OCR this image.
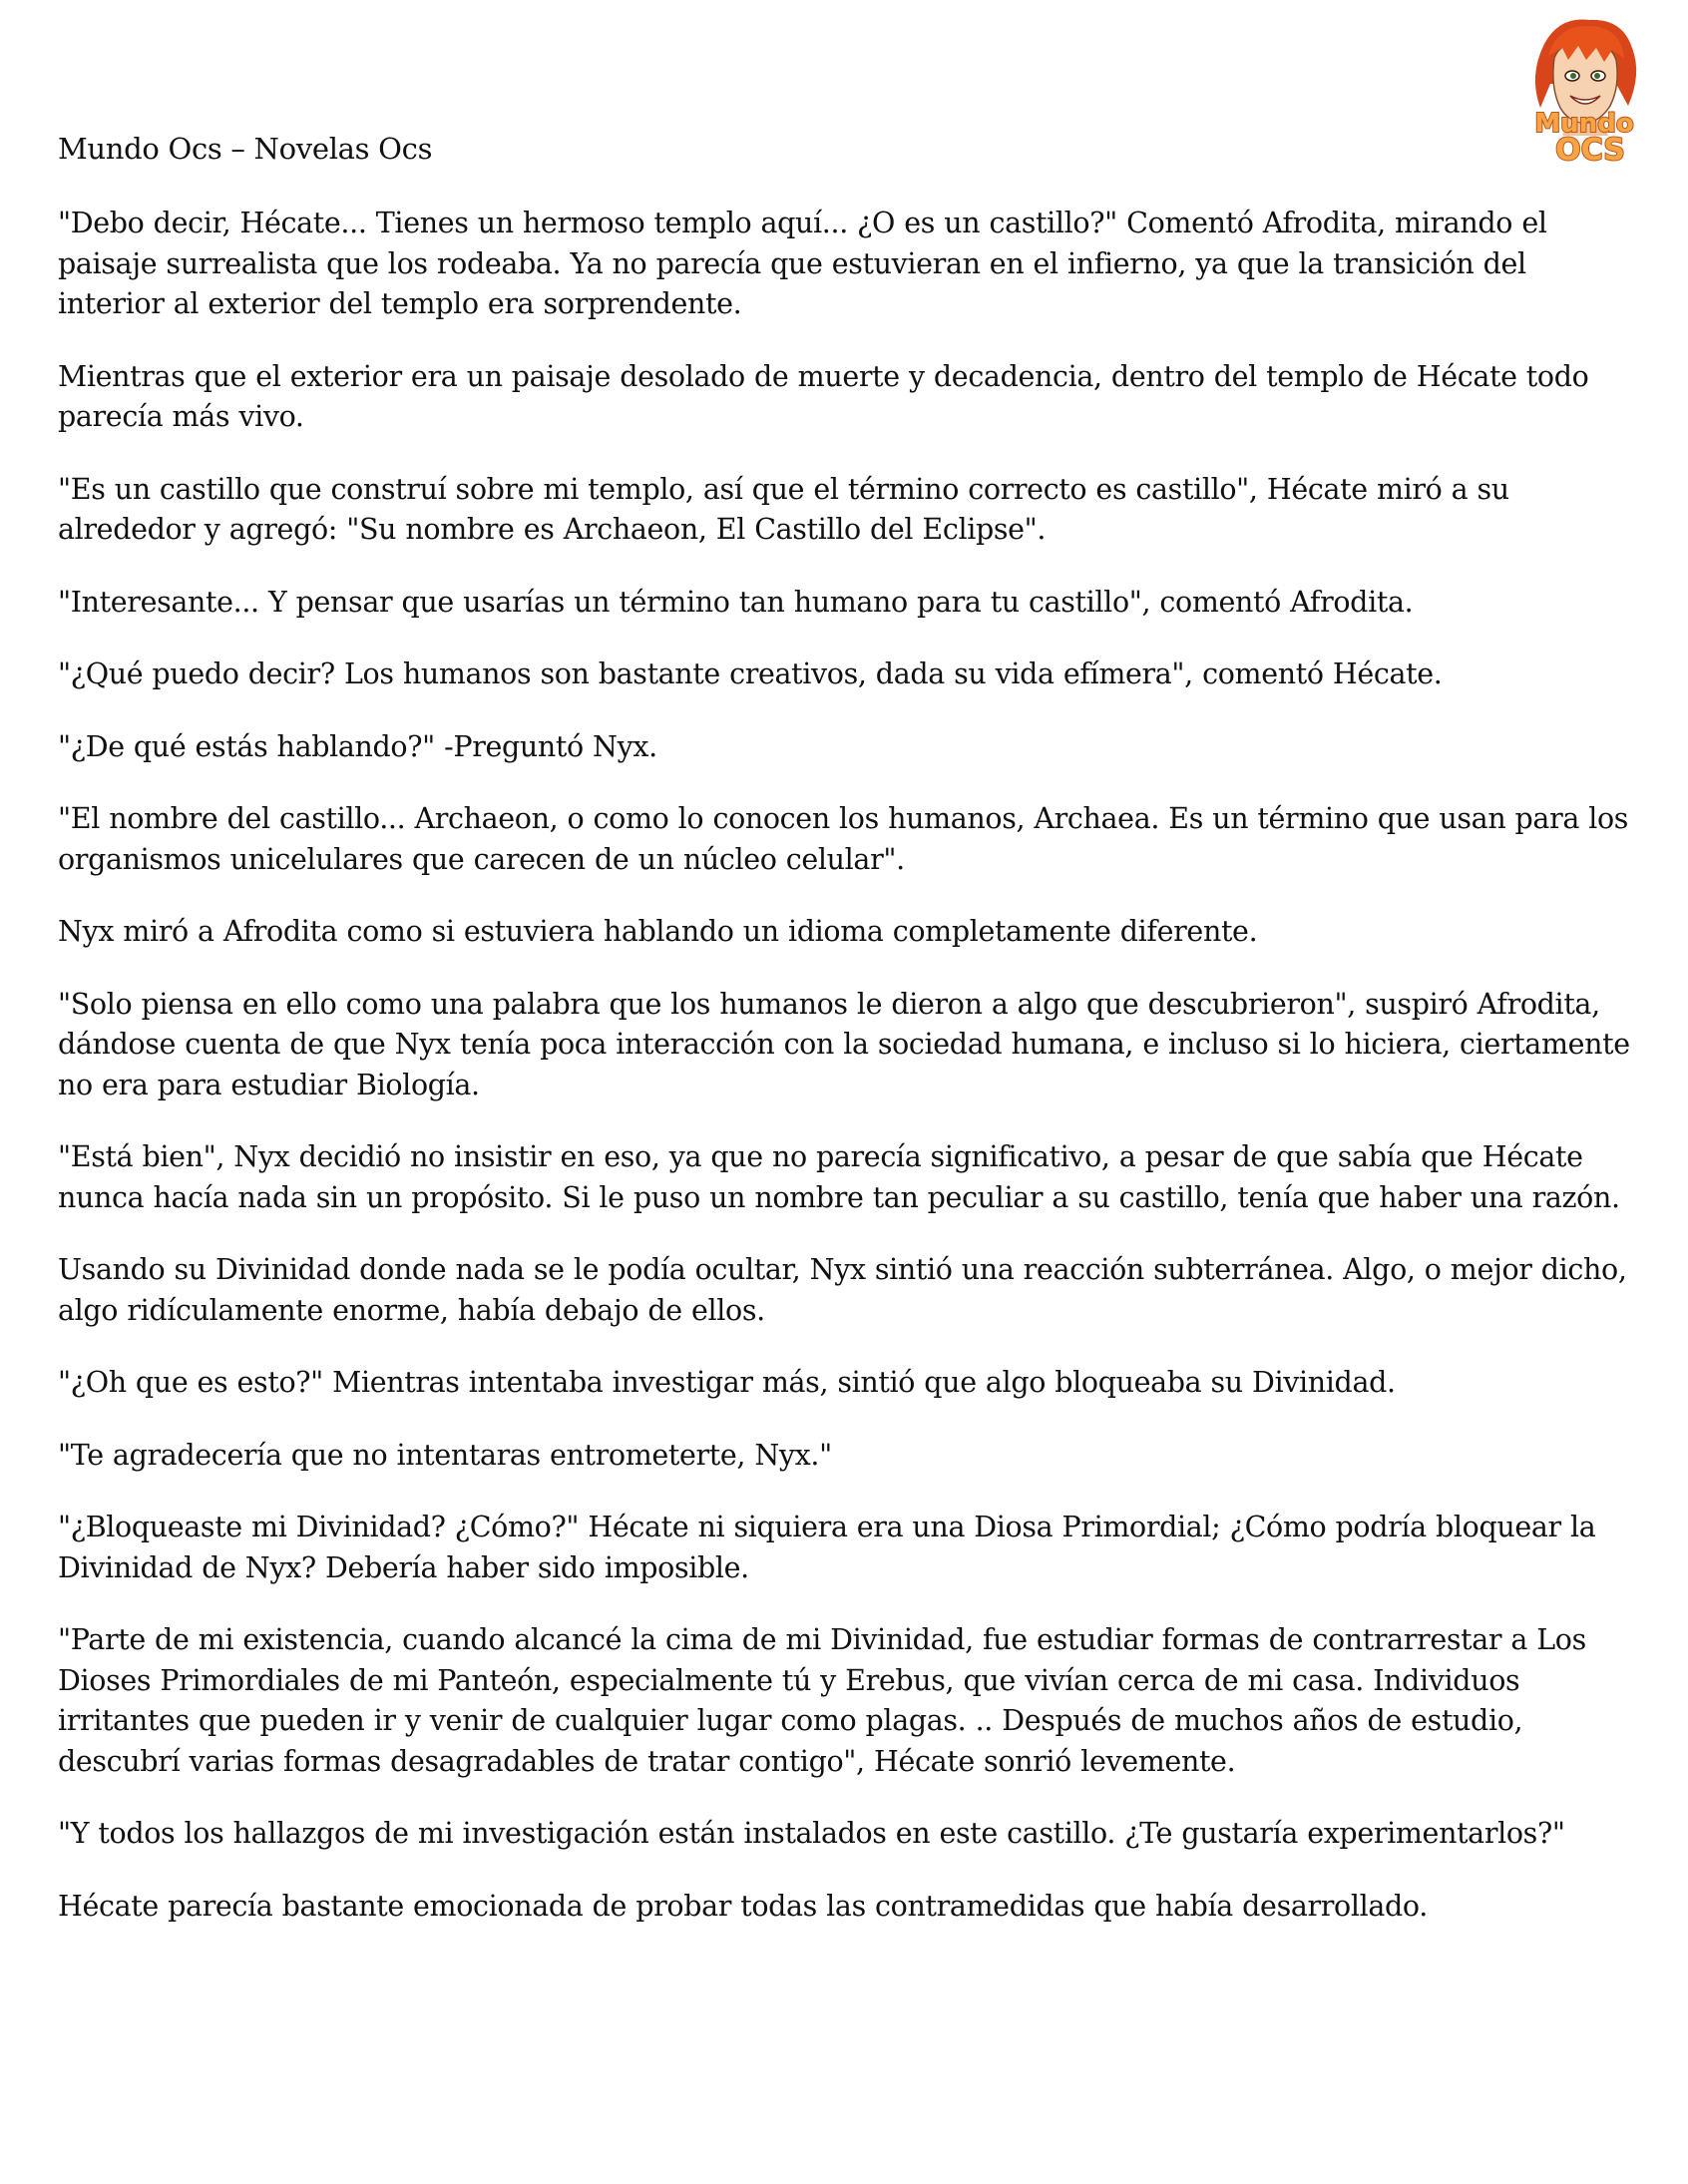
Mundo Ocs – Novelas Ocs
Mundo
OCS

"Debo decir, Hécate... Tienes un hermoso templo aquí... ¿O es un castillo?" Comentó Afrodita, mirando el paisaje surrealista que los rodeaba. Ya no parecía que estuvieran en el infierno, ya que la transición del interior al exterior del templo era sorprendente.

Mientras que el exterior era un paisaje desolado de muerte y decadencia, dentro del templo de Hécate todo parecía más vivo.

"Es un castillo que construí sobre mi templo, así que el término correcto es castillo", Hécate miró a su alrededor y agregó: "Su nombre es Archaeon, El Castillo del Eclipse".

"Interesante... Y pensar que usarías un término tan humano para tu castillo", comentó Afrodita.

"¿Qué puedo decir? Los humanos son bastante creativos, dada su vida efímera", comentó Hécate.

"¿De qué estás hablando?" -Preguntó Nyx.

"El nombre del castillo... Archaeon, o como lo conocen los humanos, Archaea. Es un término que usan para los organismos unicelulares que carecen de un núcleo celular".

Nyx miró a Afrodita como si estuviera hablando un idioma completamente diferente.

"Solo piensa en ello como una palabra que los humanos le dieron a algo que descubrieron", suspiró Afrodita, dándose cuenta de que Nyx tenía poca interacción con la sociedad humana, e incluso si lo hiciera, ciertamente no era para estudiar Biología.

"Está bien", Nyx decidió no insistir en eso, ya que no parecía significativo, a pesar de que sabía que Hécate nunca hacía nada sin un propósito. Si le puso un nombre tan peculiar a su castillo, tenía que haber una razón.

Usando su Divinidad donde nada se le podía ocultar, Nyx sintió una reacción subterránea. Algo, o mejor dicho, algo ridículamente enorme, había debajo de ellos.

"¿Oh que es esto?" Mientras intentaba investigar más, sintió que algo bloqueaba su Divinidad.

"Te agradecería que no intentaras entrometerte, Nyx."

"¿Bloqueaste mi Divinidad? ¿Cómo?" Hécate ni siquiera era una Diosa Primordial; ¿Cómo podría bloquear la Divinidad de Nyx? Debería haber sido imposible.

"Parte de mi existencia, cuando alcancé la cima de mi Divinidad, fue estudiar formas de contrarrestar a Los Dioses Primordiales de mi Panteón, especialmente tú y Erebus, que vivían cerca de mi casa. Individuos irritantes que pueden ir y venir de cualquier lugar como plagas. .. Después de muchos años de estudio, descubrí varias formas desagradables de tratar contigo", Hécate sonrió levemente.

"Y todos los hallazgos de mi investigación están instalados en este castillo. ¿Te gustaría experimentarlos?"

Hécate parecía bastante emocionada de probar todas las contramedidas que había desarrollado.
